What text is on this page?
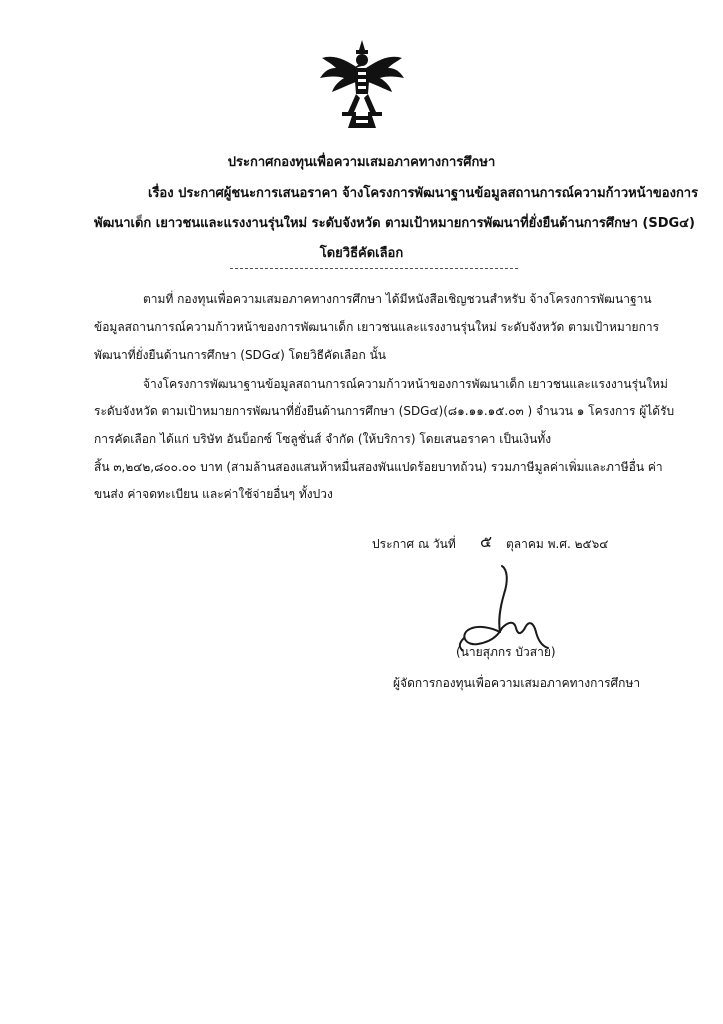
ประกาศกองทุนเพื่อความเสมอภาคทางการศึกษา
เรื่อง ประกาศผู้ชนะการเสนอราคา จ้างโครงการพัฒนาฐานข้อมูลสถานการณ์ความก้าวหน้าของการ
พัฒนาเด็ก เยาวชนและแรงงานรุ่นใหม่ ระดับจังหวัด ตามเป้าหมายการพัฒนาที่ยั่งยืนด้านการศึกษา (SDG๔)
โดยวิธีคัดเลือก
ตามที่ กองทุนเพื่อความเสมอภาคทางการศึกษา ได้มีหนังสือเชิญชวนสำหรับ จ้างโครงการพัฒนาฐาน
ข้อมูลสถานการณ์ความก้าวหน้าของการพัฒนาเด็ก เยาวชนและแรงงานรุ่นใหม่ ระดับจังหวัด ตามเป้าหมายการ
พัฒนาที่ยั่งยืนด้านการศึกษา (SDG๔) โดยวิธีคัดเลือก นั้น
จ้างโครงการพัฒนาฐานข้อมูลสถานการณ์ความก้าวหน้าของการพัฒนาเด็ก เยาวชนและแรงงานรุ่นใหม่
ระดับจังหวัด ตามเป้าหมายการพัฒนาที่ยั่งยืนด้านการศึกษา (SDG๔)(๘๑.๑๑.๑๕.๐๓ ) จำนวน ๑ โครงการ ผู้ได้รับ
การคัดเลือก ได้แก่ บริษัท อันบ็อกซ์ โซลูชั่นส์ จำกัด (ให้บริการ) โดยเสนอราคา เป็นเงินทั้ง
สิ้น ๓,๒๔๒,๘๐๐.๐๐ บาท (สามล้านสองแสนห้าหมื่นสองพันแปดร้อยบาทถ้วน) รวมภาษีมูลค่าเพิ่มและภาษีอื่น ค่า
ขนส่ง ค่าจดทะเบียน และค่าใช้จ่ายอื่นๆ ทั้งปวง
ประกาศ ณ วันที่ ๕ ตุลาคม พ.ศ. ๒๕๖๔
(นายสุภกร บัวสาย)
ผู้จัดการกองทุนเพื่อความเสมอภาคทางการศึกษา
